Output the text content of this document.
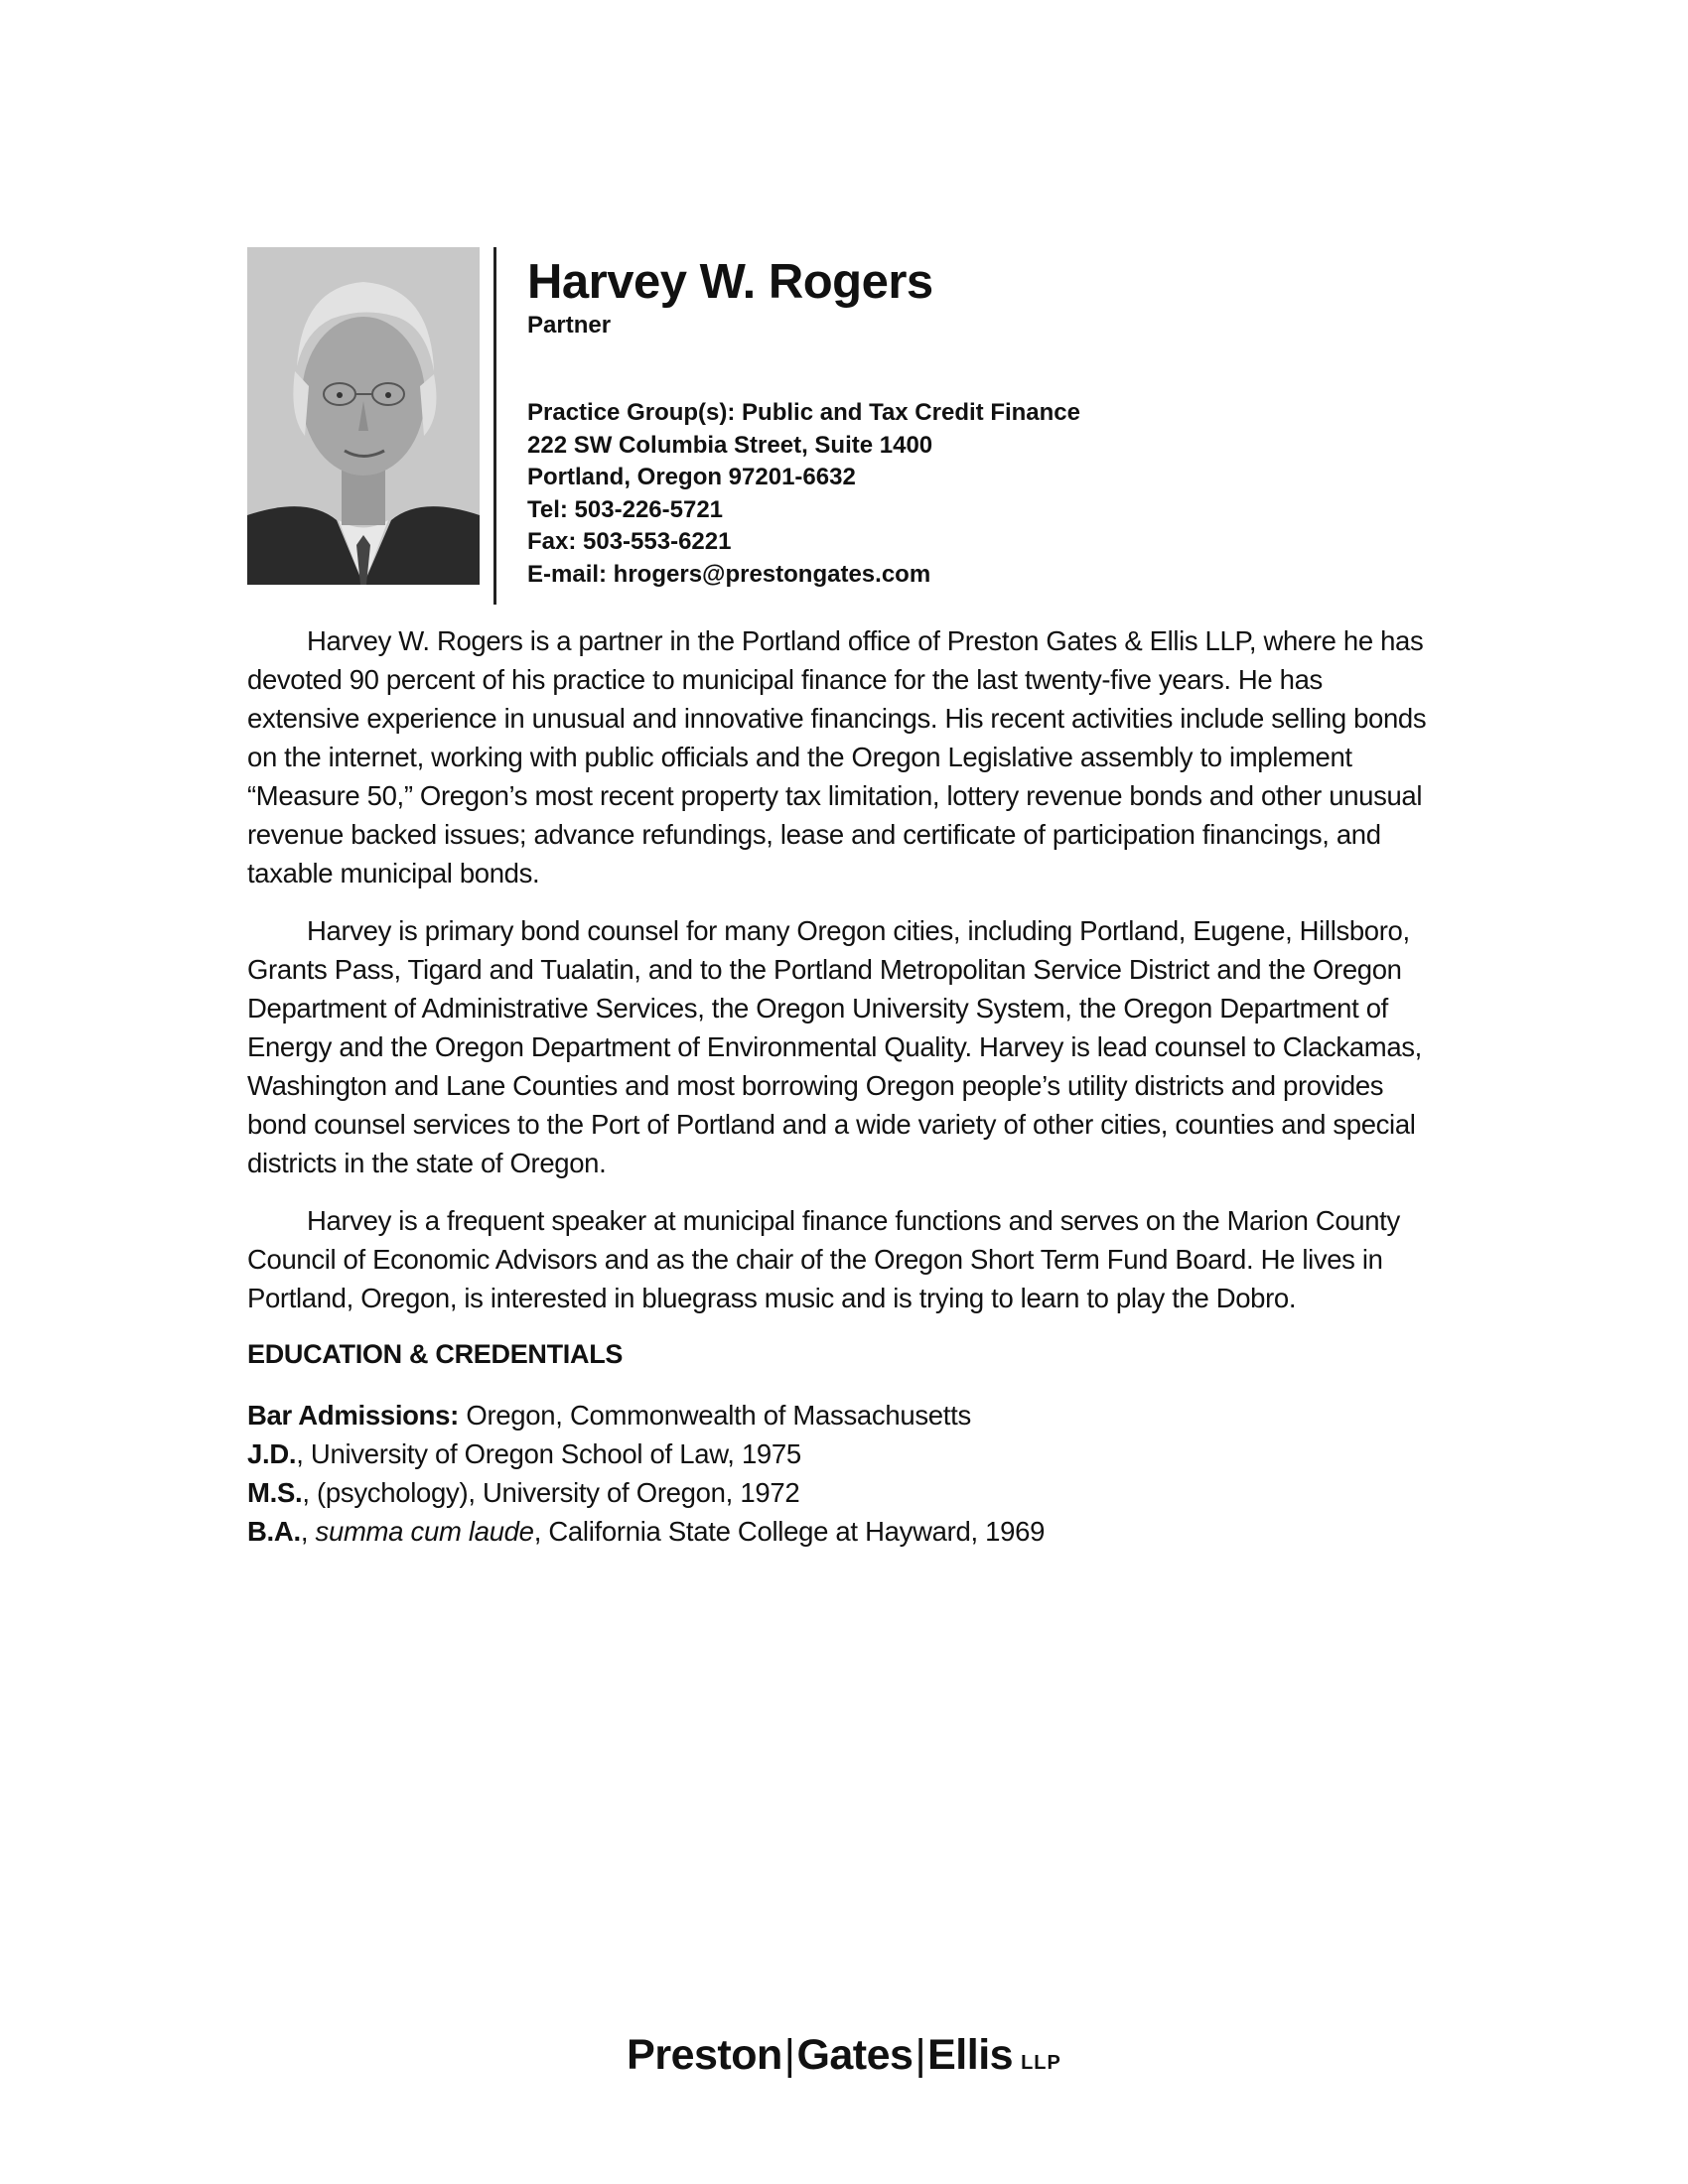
Harvey W. Rogers
Partner
Practice Group(s): Public and Tax Credit Finance
222 SW Columbia Street, Suite 1400
Portland, Oregon 97201-6632
Tel: 503-226-5721
Fax: 503-553-6221
E-mail: hrogers@prestongates.com

Harvey W. Rogers is a partner in the Portland office of Preston Gates & Ellis LLP, where he has devoted 90 percent of his practice to municipal finance for the last twenty-five years. He has extensive experience in unusual and innovative financings. His recent activities include selling bonds on the internet, working with public officials and the Oregon Legislative assembly to implement “Measure 50,” Oregon’s most recent property tax limitation, lottery revenue bonds and other unusual revenue backed issues; advance refundings, lease and certificate of participation financings, and taxable municipal bonds.

Harvey is primary bond counsel for many Oregon cities, including Portland, Eugene, Hillsboro, Grants Pass, Tigard and Tualatin, and to the Portland Metropolitan Service District and the Oregon Department of Administrative Services, the Oregon University System, the Oregon Department of Energy and the Oregon Department of Environmental Quality. Harvey is lead counsel to Clackamas, Washington and Lane Counties and most borrowing Oregon people’s utility districts and provides bond counsel services to the Port of Portland and a wide variety of other cities, counties and special districts in the state of Oregon.

Harvey is a frequent speaker at municipal finance functions and serves on the Marion County Council of Economic Advisors and as the chair of the Oregon Short Term Fund Board. He lives in Portland, Oregon, is interested in bluegrass music and is trying to learn to play the Dobro.

EDUCATION & CREDENTIALS
Bar Admissions: Oregon, Commonwealth of Massachusetts
J.D., University of Oregon School of Law, 1975
M.S., (psychology), University of Oregon, 1972
B.A., summa cum laude, California State College at Hayward, 1969
Preston|Gates|Ellis LLP
